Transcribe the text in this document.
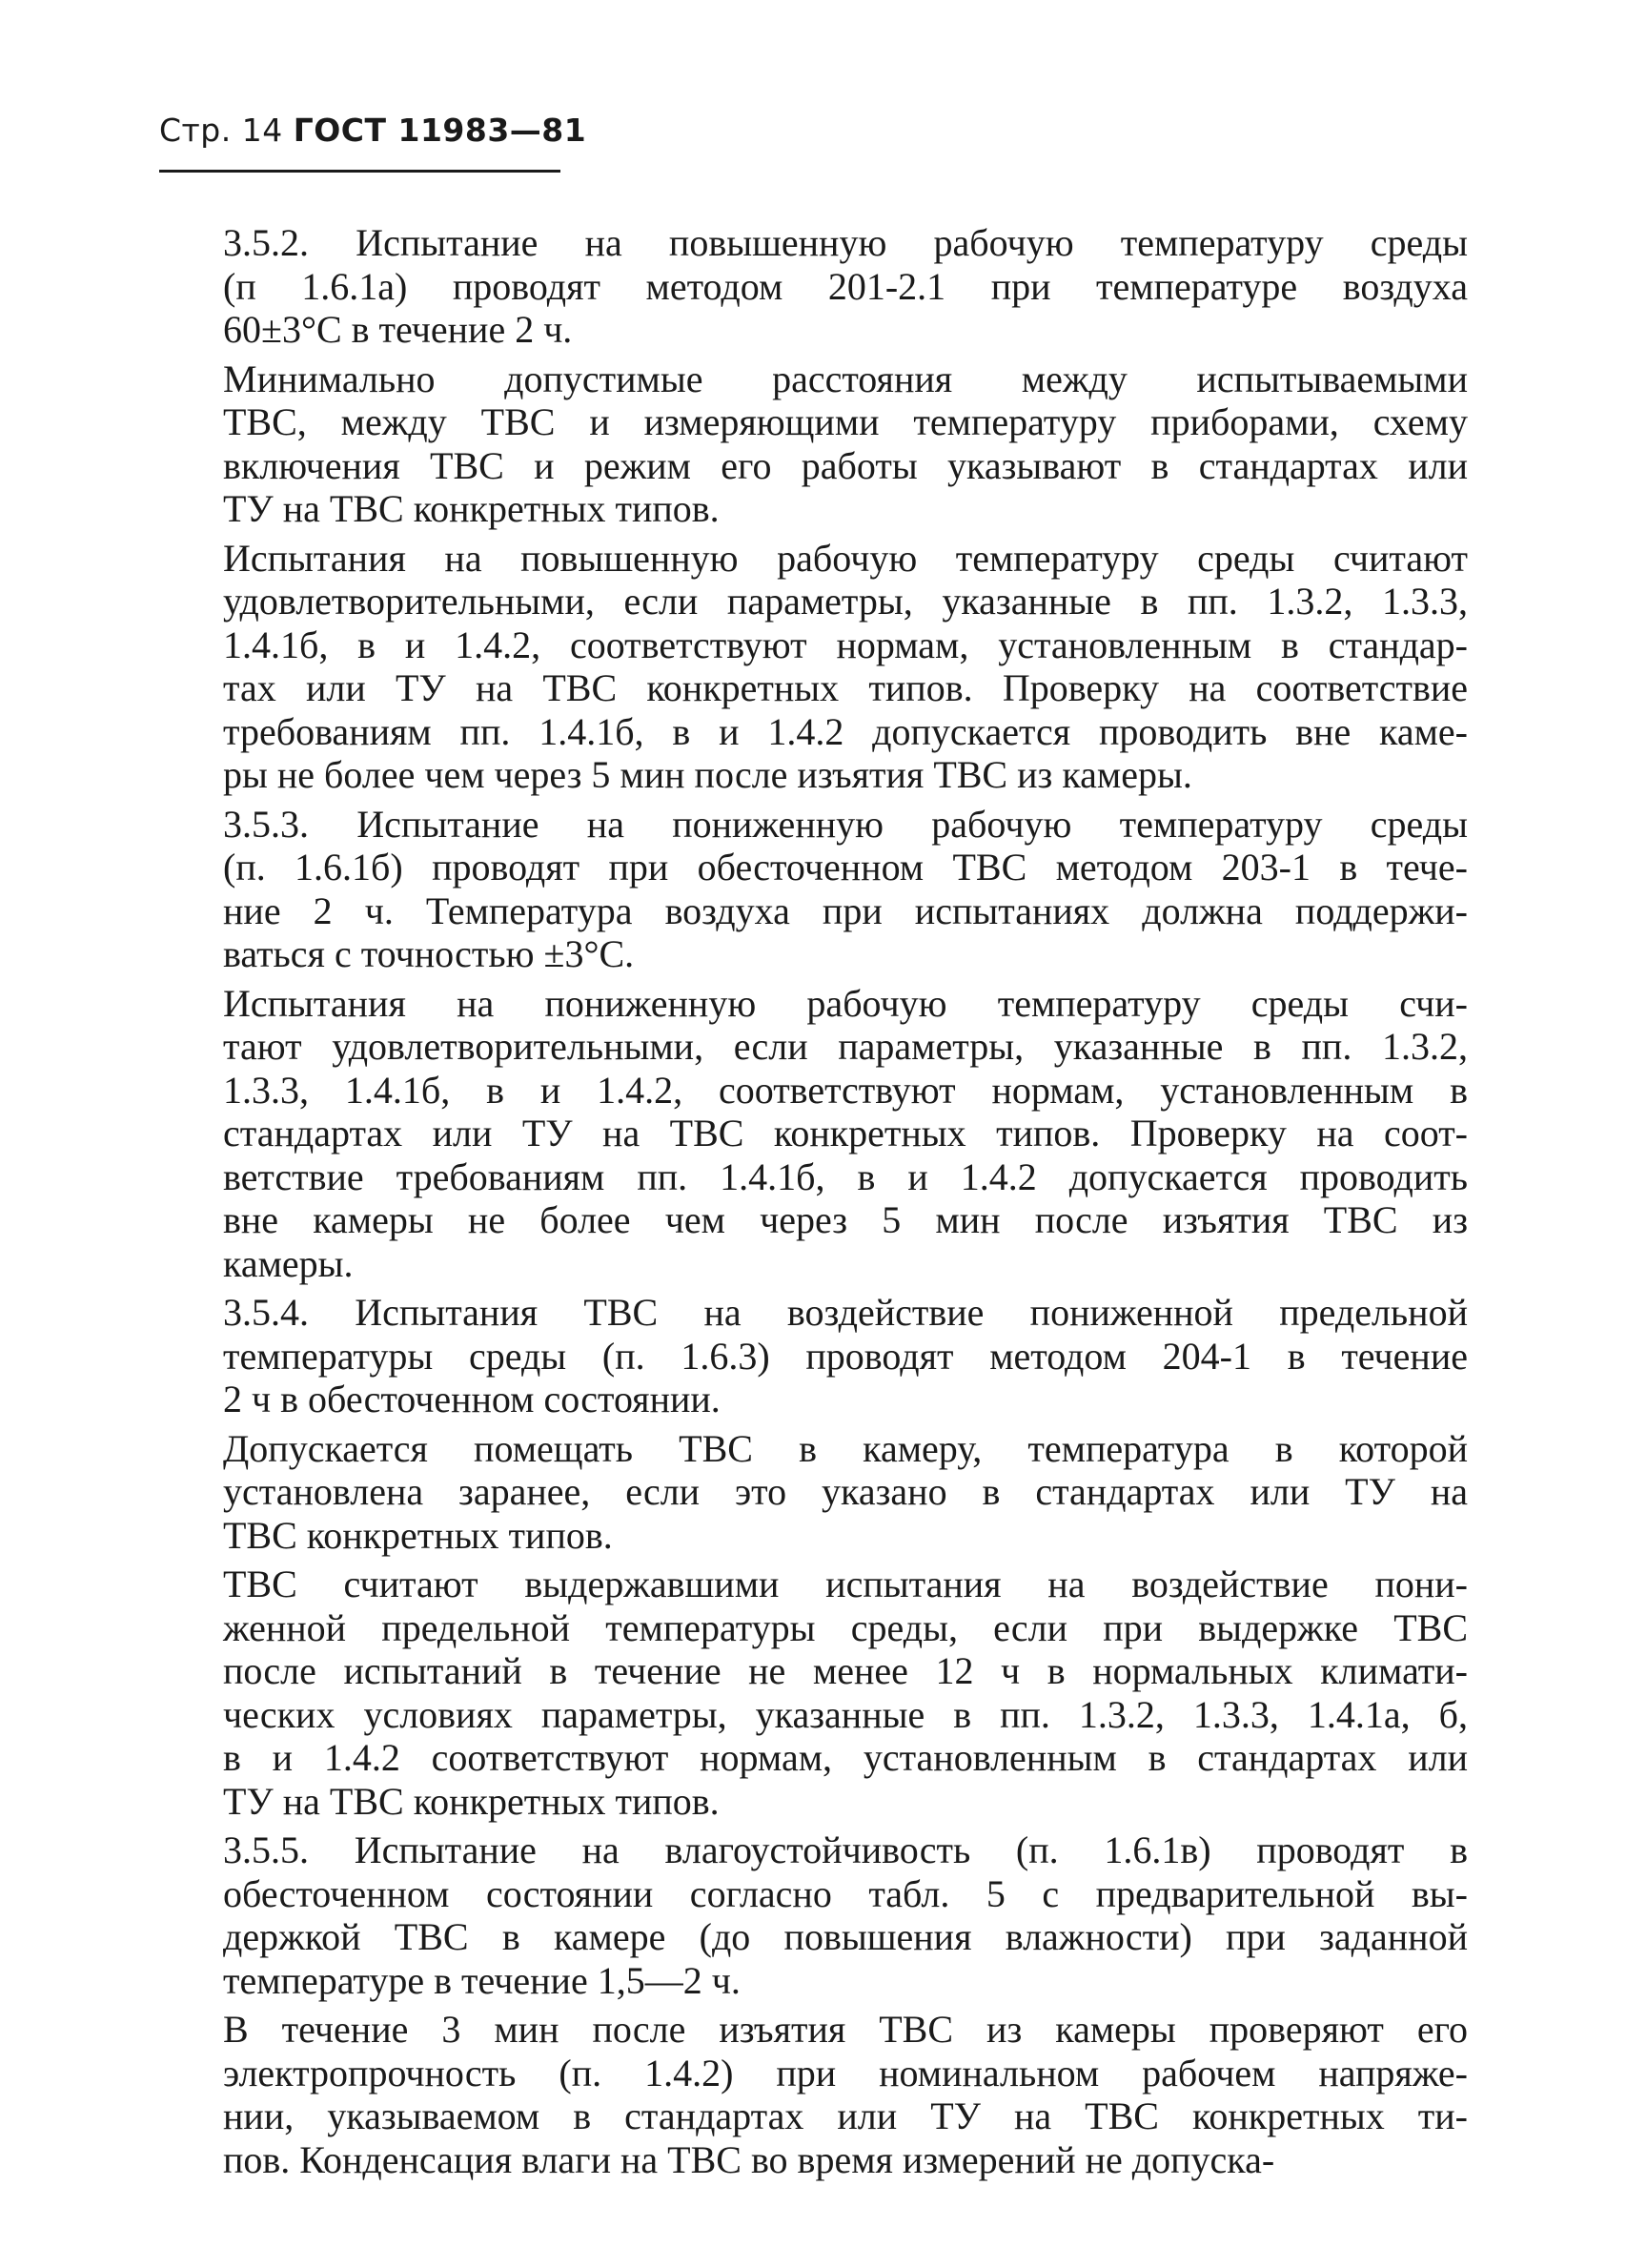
Стр. 14 ГОСТ 11983—81
3.5.2. Испытание на повышенную рабочую температуру среды
(п 1.6.1а) проводят методом 201-2.1 при температуре воздуха
60±3°С в течение 2 ч.
Минимально допустимые расстояния между испытываемыми
ТВС, между ТВС и измеряющими температуру приборами, схему
включения ТВС и режим его работы указывают в стандартах или
ТУ на ТВС конкретных типов.
Испытания на повышенную рабочую температуру среды считают
удовлетворительными, если параметры, указанные в пп. 1.3.2, 1.3.3,
1.4.1б, в и 1.4.2, соответствуют нормам, установленным в стандар-
тах или ТУ на ТВС конкретных типов. Проверку на соответствие
требованиям пп. 1.4.1б, в и 1.4.2 допускается проводить вне каме-
ры не более чем через 5 мин после изъятия ТВС из камеры.
3.5.3. Испытание на пониженную рабочую температуру среды
(п. 1.6.1б) проводят при обесточенном ТВС методом 203-1 в тече-
ние 2 ч. Температура воздуха при испытаниях должна поддержи-
ваться с точностью ±3°С.
Испытания на пониженную рабочую температуру среды счи-
тают удовлетворительными, если параметры, указанные в пп. 1.3.2,
1.3.3, 1.4.1б, в и 1.4.2, соответствуют нормам, установленным в
стандартах или ТУ на ТВС конкретных типов. Проверку на соот-
ветствие требованиям пп. 1.4.1б, в и 1.4.2 допускается проводить
вне камеры не более чем через 5 мин после изъятия ТВС из
камеры.
3.5.4. Испытания ТВС на воздействие пониженной предельной
температуры среды (п. 1.6.3) проводят методом 204-1 в течение
2 ч в обесточенном состоянии.
Допускается помещать ТВС в камеру, температура в которой
установлена заранее, если это указано в стандартах или ТУ на
ТВС конкретных типов.
ТВС считают выдержавшими испытания на воздействие пони-
женной предельной температуры среды, если при выдержке ТВС
после испытаний в течение не менее 12 ч в нормальных климати-
ческих условиях параметры, указанные в пп. 1.3.2, 1.3.3, 1.4.1а, б,
в и 1.4.2 соответствуют нормам, установленным в стандартах или
ТУ на ТВС конкретных типов.
3.5.5. Испытание на влагоустойчивость (п. 1.6.1в) проводят в
обесточенном состоянии согласно табл. 5 с предварительной вы-
держкой ТВС в камере (до повышения влажности) при заданной
температуре в течение 1,5—2 ч.
В течение 3 мин после изъятия ТВС из камеры проверяют его
электропрочность (п. 1.4.2) при номинальном рабочем напряже-
нии, указываемом в стандартах или ТУ на ТВС конкретных ти-
пов. Конденсация влаги на ТВС во время измерений не допуска-
